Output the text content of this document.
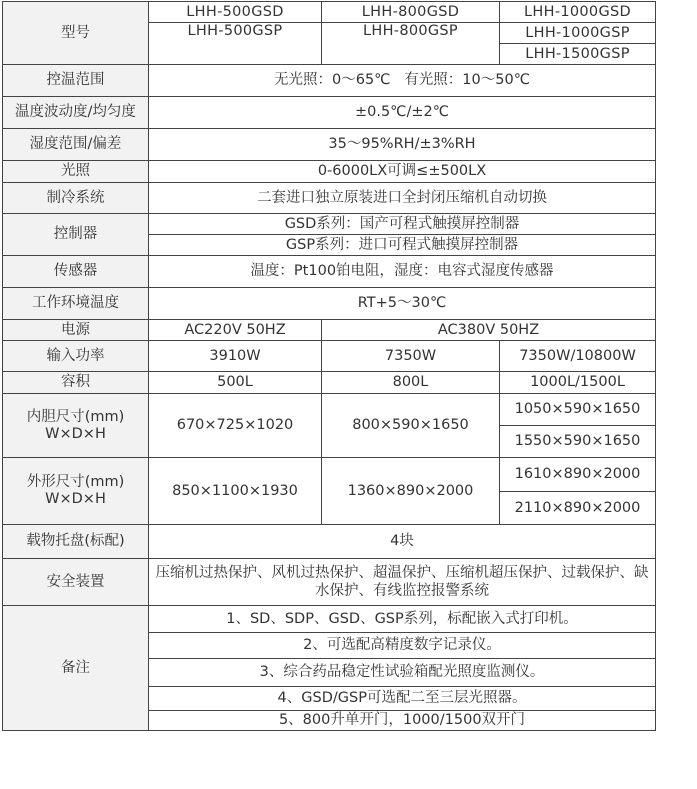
型号	LHH-500GSD	LHH-800GSD	LHH-1000GSD
	LHH-500GSP	LHH-800GSP	LHH-1000GSP
			LHH-1500GSP
控温范围	无光照：0～65℃   有光照：10～50℃		
温度波动度/均匀度	±0.5℃/±2℃		
湿度范围/偏差	35～95%RH/±3%RH		
光照	0-6000LX可调≤±500LX		
制冷系统	二套进口独立原装进口全封闭压缩机自动切换		
控制器	GSD系列：国产可程式触摸屏控制器		
	GSP系列：进口可程式触摸屏控制器		
传感器	温度：Pt100铂电阻，湿度：电容式湿度传感器		
工作环境温度	RT+5～30℃		
电源	AC220V 50HZ	AC380V 50HZ	
输入功率	3910W	7350W	7350W/10800W
容积	500L	800L	1000L/1500L

内胆尺寸(mm)
W×D×H	670×725×1020	800×590×1650	1050×590×1650
			1550×590×1650

外形尺寸(mm)
W×D×H	850×1100×1930	1360×890×2000	1610×890×2000
			2110×890×2000
载物托盘(标配)	4块		
安全装置	压缩机过热保护、风机过热保护、超温保护、压缩机超压保护、过载保护、缺水保护、有线监控报警系统		
备注	1、SD、SDP、GSD、GSP系列，标配嵌入式打印机。		
	2、可选配高精度数字记录仪。		
	3、综合药品稳定性试验箱配光照度监测仪。		
	4、GSD/GSP可选配二至三层光照器。		
	5、800升单开门，1000/1500双开门		
